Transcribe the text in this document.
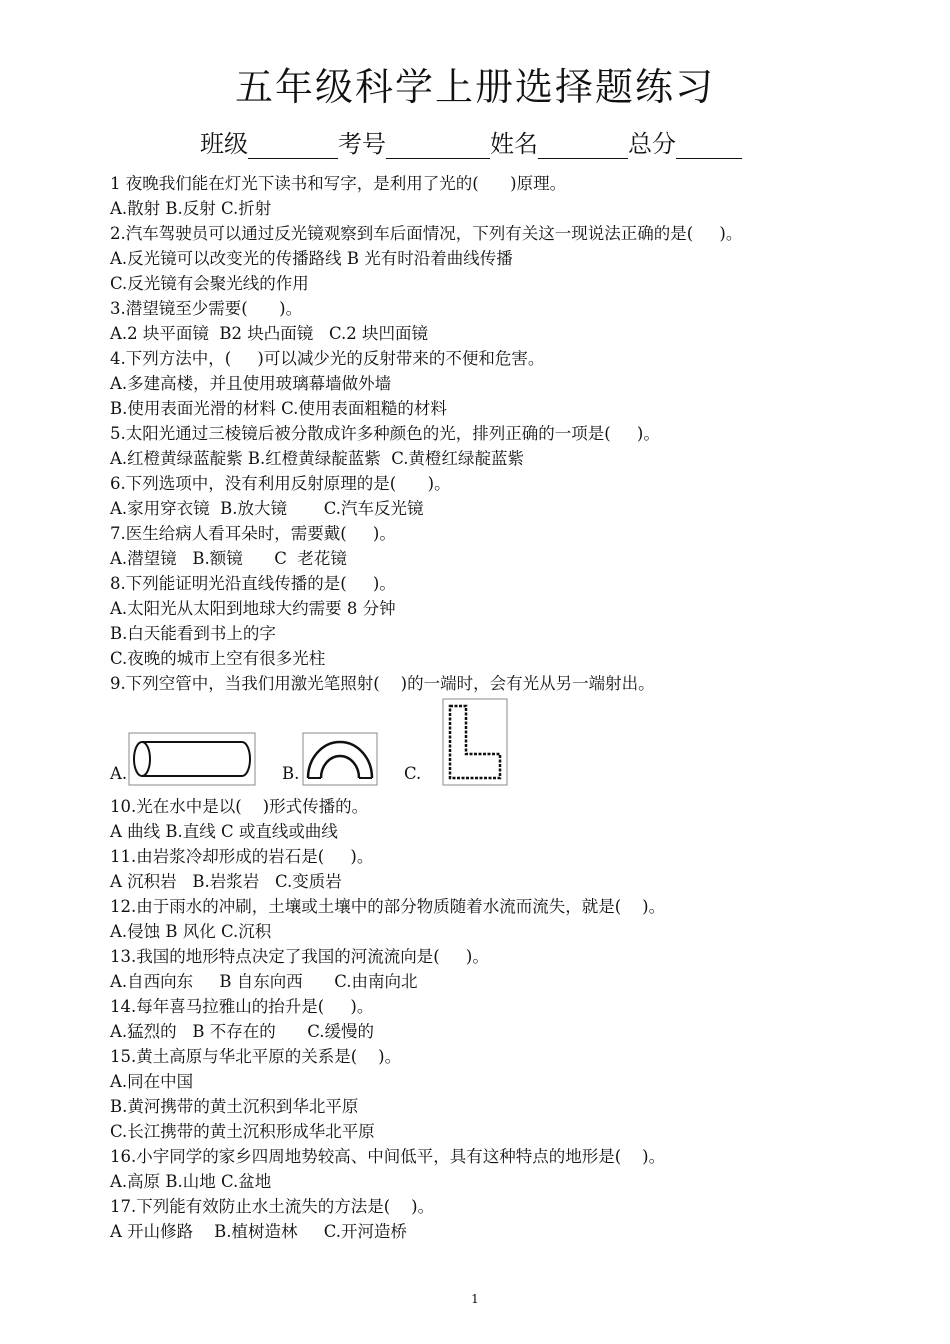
五年级科学上册选择题练习
班级	考号	姓名	总分
1 夜晚我们能在灯光下读书和写字，是利用了光的(      )原理。
A.散射 B.反射 C.折射
2.汽车驾驶员可以通过反光镜观察到车后面情况，下列有关这一现说法正确的是(     )。
A.反光镜可以改变光的传播路线 B 光有时沿着曲线传播
C.反光镜有会聚光线的作用
3.潜望镜至少需要(      )。
A.2 块平面镜  B2 块凸面镜   C.2 块凹面镜
4.下列方法中，(     )可以减少光的反射带来的不便和危害。
A.多建高楼，并且使用玻璃幕墙做外墙
B.使用表面光滑的材料 C.使用表面粗糙的材料
5.太阳光通过三棱镜后被分散成许多种颜色的光，排列正确的一项是(     )。
A.红橙黄绿蓝靛紫 B.红橙黄绿靛蓝紫  C.黄橙红绿靛蓝紫
6.下列选项中，没有利用反射原理的是(      )。
A.家用穿衣镜  B.放大镜       C.汽车反光镜
7.医生给病人看耳朵时，需要戴(     )。
A.潜望镜   B.额镜      C  老花镜
8.下列能证明光沿直线传播的是(     )。
A.太阳光从太阳到地球大约需要 8 分钟
B.白天能看到书上的字
C.夜晚的城市上空有很多光柱
9.下列空管中，当我们用激光笔照射(    )的一端时，会有光从另一端射出。
A.	B.	C.
10.光在水中是以(    )形式传播的。
A 曲线 B.直线 C 或直线或曲线
11.由岩浆冷却形成的岩石是(     )。
A 沉积岩   B.岩浆岩   C.变质岩
12.由于雨水的冲刷，土壤或土壤中的部分物质随着水流而流失，就是(    )。
A.侵蚀 B 风化 C.沉积
13.我国的地形特点决定了我国的河流流向是(     )。
A.自西向东     B 自东向西      C.由南向北
14.每年喜马拉雅山的抬升是(     )。
A.猛烈的   B 不存在的      C.缓慢的
15.黄土高原与华北平原的关系是(    )。
A.同在中国
B.黄河携带的黄土沉积到华北平原
C.长江携带的黄土沉积形成华北平原
16.小宇同学的家乡四周地势较高、中间低平，具有这种特点的地形是(    )。
A.高原 B.山地 C.盆地
17.下列能有效防止水土流失的方法是(    )。
A 开山修路    B.植树造林     C.开河造桥
1
